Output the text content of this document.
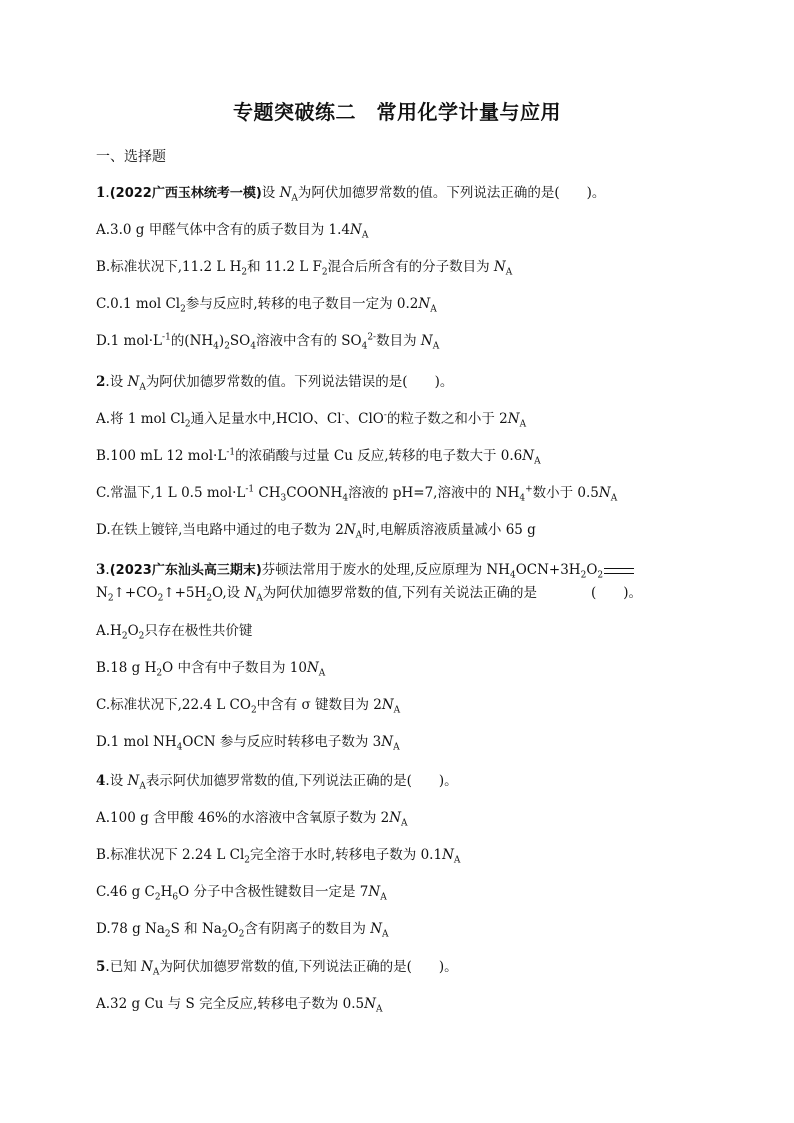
专题突破练二　常用化学计量与应用
一、选择题
1.(2022广西玉林统考一模)设 $N_A$为阿伏加德罗常数的值。下列说法正确的是(　　)。
A.3.0 g 甲醛气体中含有的质子数目为 $1.4N_A$
B.标准状况下,11.2 L $H_2$和 11.2 L $F_2$混合后所含有的分子数目为 $N_A$
C.0.1 mol $Cl_2$参与反应时,转移的电子数目一定为 $0.2N_A$
D.1 $mol\cdot L^{-1}$的$(NH_4)_2SO_4$溶液中含有的 $SO_4^{2-}$数目为 $N_A$
2.设 $N_A$为阿伏加德罗常数的值。下列说法错误的是(　　)。
A.将 1 mol $Cl_2$通入足量水中,HClO、Cl-、ClO-的粒子数之和小于 $2N_A$
B.100 mL 12 $mol\cdot L^{-1}$的浓硝酸与过量 Cu 反应,转移的电子数大于 $0.6N_A$
C.常温下,1 L 0.5 $mol\cdot L^{-1}$ $CH_3COONH_4$溶液的 pH=7,溶液中的 $NH_4^+$数小于 $0.5N_A$
D.在铁上镀锌,当电路中通过的电子数为 $2N_A$时,电解质溶液质量减小 65 g
3.(2023广东汕头高三期末)芬顿法常用于废水的处理,反应原理为 $NH_4OCN+3H_2O_2$
$N_2↑+CO_2↑+5H_2O$,设 $N_A$为阿伏加德罗常数的值,下列有关说法正确的是　　　　(　　)。
$A.H_2O_2$只存在极性共价键
B.18 g $H_2O$ 中含有中子数目为 $10N_A$
C.标准状况下,22.4 L $CO_2$中含有 σ 键数目为 $2N_A$
D.1 mol $NH_4OCN$ 参与反应时转移电子数为 $3N_A$
4.设 $N_A$表示阿伏加德罗常数的值,下列说法正确的是(　　)。
A.100 g 含甲酸 46%的水溶液中含氧原子数为 $2N_A$
B.标准状况下 2.24 L $Cl_2$完全溶于水时,转移电子数为 $0.1N_A$
C.46 g $C_2H_6O$ 分子中含极性键数目一定是 $7N_A$
D.78 g $Na_2S$ 和 $Na_2O_2$含有阴离子的数目为 $N_A$
5.已知 $N_A$为阿伏加德罗常数的值,下列说法正确的是(　　)。
A.32 g Cu 与 S 完全反应,转移电子数为 $0.5N_A$
